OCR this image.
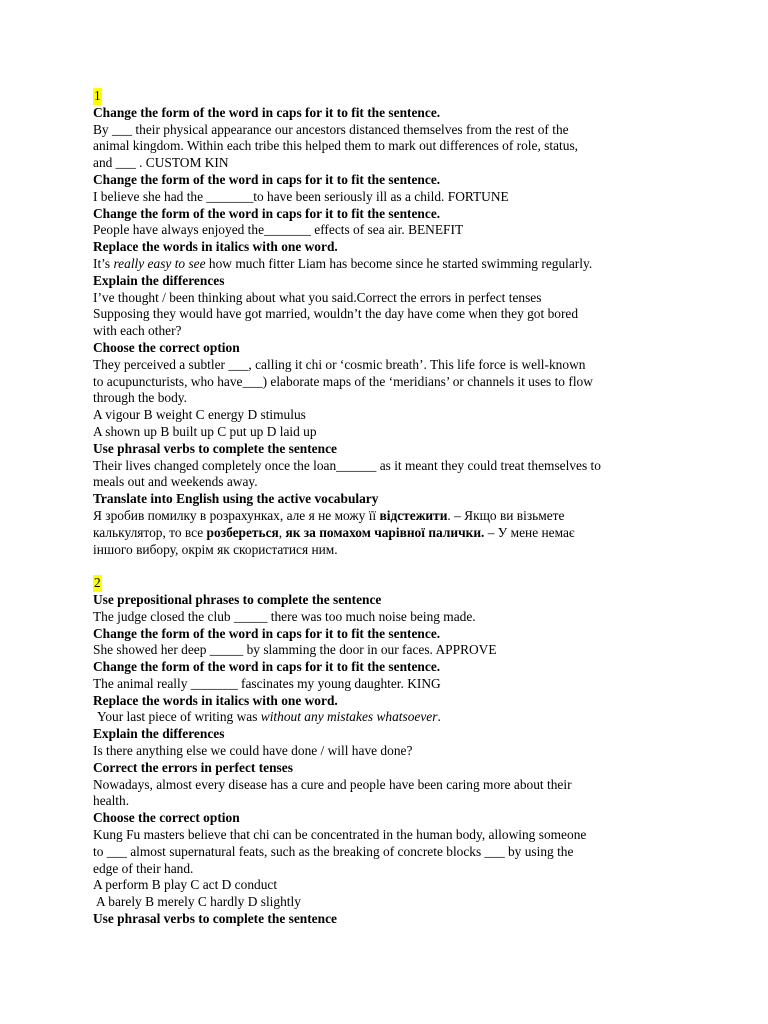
1
Change the form of the word in caps for it to fit the sentence.
By ___ their physical appearance our ancestors distanced themselves from the rest of the
animal kingdom. Within each tribe this helped them to mark out differences of role, status,
and ___ . CUSTOM KIN
Change the form of the word in caps for it to fit the sentence.
I believe she had the _______to have been seriously ill as a child. FORTUNE
Change the form of the word in caps for it to fit the sentence.
People have always enjoyed the_______ effects of sea air. BENEFIT
Replace the words in italics with one word.
It’s really easy to see how much fitter Liam has become since he started swimming regularly.
Explain the differences
I’ve thought / been thinking about what you said.Correct the errors in perfect tenses
Supposing they would have got married, wouldn’t the day have come when they got bored
with each other?
Choose the correct option
They perceived a subtler ___, calling it chi or ‘cosmic breath’. This life force is well-known
to acupuncturists, who have___) elaborate maps of the ‘meridians’ or channels it uses to flow
through the body.
A vigour B weight C energy D stimulus
A shown up B built up C put up D laid up
Use phrasal verbs to complete the sentence
Their lives changed completely once the loan______ as it meant they could treat themselves to
meals out and weekends away.
Translate into English using the active vocabulary
Я зробив помилку в розрахунках, але я не можу її відстежити. – Якщо ви візьмете
калькулятор, то все розбереться, як за помахом чарівної палички. – У мене немає
іншого вибору, окрім як скористатися ним.
2
Use prepositional phrases to complete the sentence
The judge closed the club _____ there was too much noise being made.
Change the form of the word in caps for it to fit the sentence.
She showed her deep _____ by slamming the door in our faces. APPROVE
Change the form of the word in caps for it to fit the sentence.
The animal really _______ fascinates my young daughter. KING
Replace the words in italics with one word.
Your last piece of writing was without any mistakes whatsoever.
Explain the differences
Is there anything else we could have done / will have done?
Correct the errors in perfect tenses
Nowadays, almost every disease has a cure and people have been caring more about their
health.
Choose the correct option
Kung Fu masters believe that chi can be concentrated in the human body, allowing someone
to ___ almost supernatural feats, such as the breaking of concrete blocks ___ by using the
edge of their hand.
A perform B play C act D conduct
A barely B merely C hardly D slightly
Use phrasal verbs to complete the sentence
